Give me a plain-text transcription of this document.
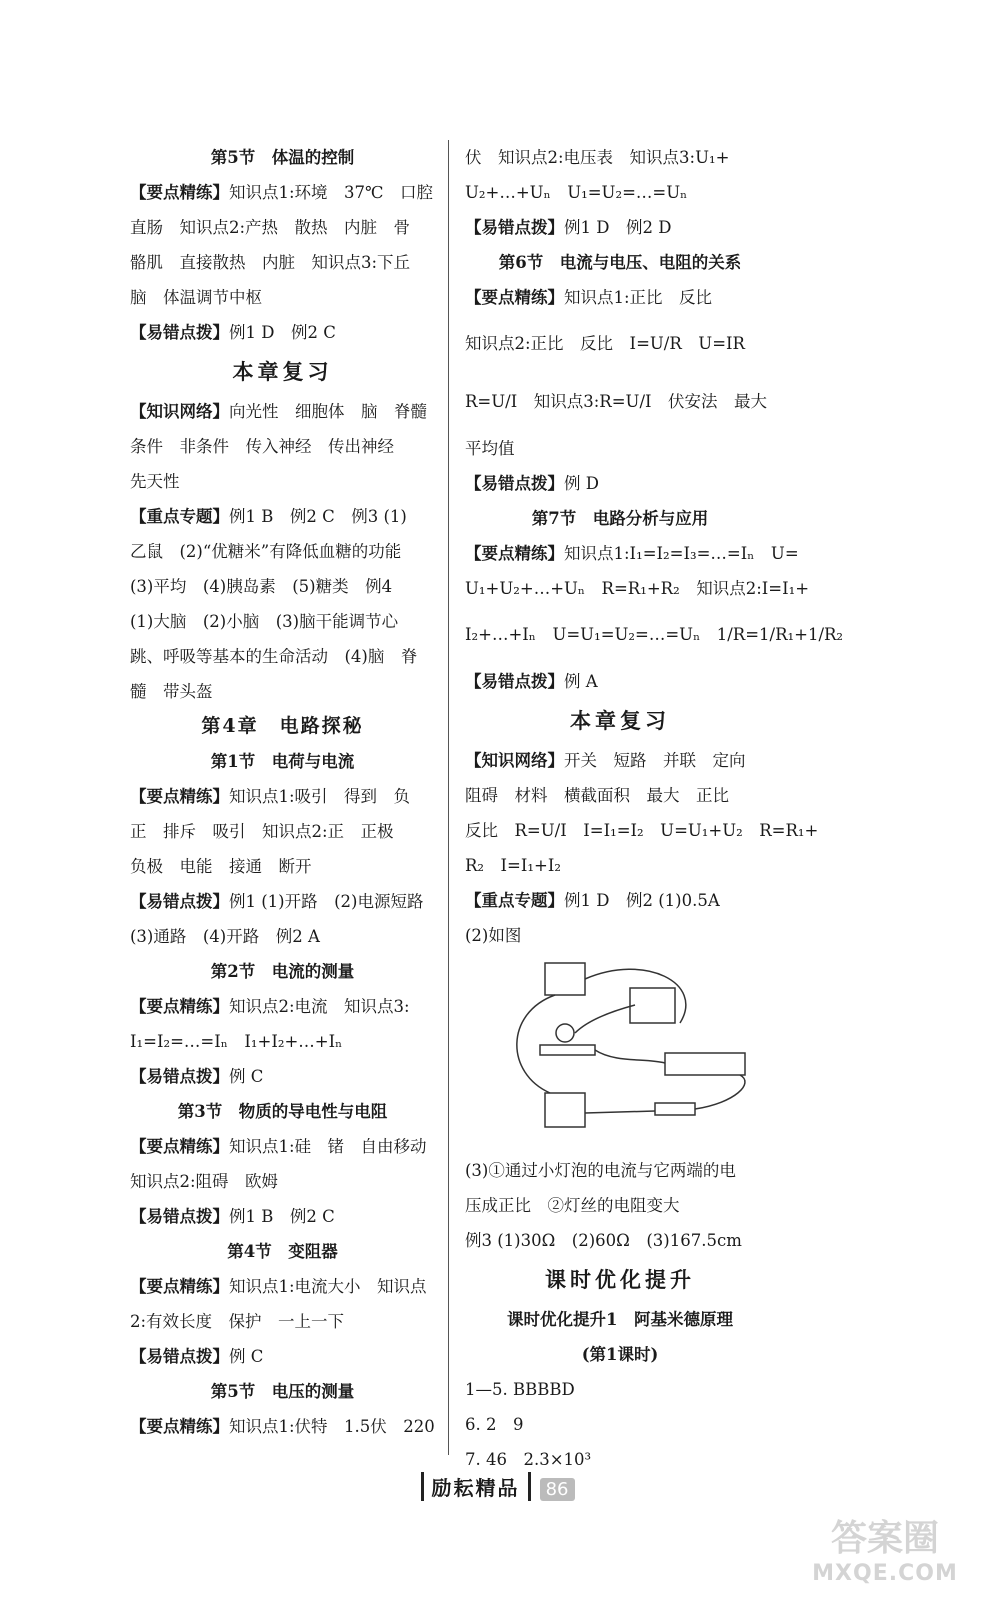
第5节　体温的控制
【要点精练】知识点1:环境　37℃　口腔
直肠　知识点2:产热　散热　内脏　骨
骼肌　直接散热　内脏　知识点3:下丘
脑　体温调节中枢
【易错点拨】例1 D　例2 C
本章复习
【知识网络】向光性　细胞体　脑　脊髓
条件　非条件　传入神经　传出神经
先天性
【重点专题】例1 B　例2 C　例3 (1)
乙鼠　(2)“优糖米”有降低血糖的功能
(3)平均　(4)胰岛素　(5)糖类　例4
(1)大脑　(2)小脑　(3)脑干能调节心
跳、呼吸等基本的生命活动　(4)脑　脊
髓　带头盔
第4章　电路探秘
第1节　电荷与电流
【要点精练】知识点1:吸引　得到　负
正　排斥　吸引　知识点2:正　正极
负极　电能　接通　断开
【易错点拨】例1 (1)开路　(2)电源短路
(3)通路　(4)开路　例2 A
第2节　电流的测量
【要点精练】知识点2:电流　知识点3:
I₁=I₂=…=Iₙ　I₁+I₂+…+Iₙ
【易错点拨】例 C
第3节　物质的导电性与电阻
【要点精练】知识点1:硅　锗　自由移动
知识点2:阻碍　欧姆
【易错点拨】例1 B　例2 C
第4节　变阻器
【要点精练】知识点1:电流大小　知识点
2:有效长度　保护　一上一下
【易错点拨】例 C
第5节　电压的测量
【要点精练】知识点1:伏特　1.5伏　220
伏　知识点2:电压表　知识点3:U₁+
U₂+…+Uₙ　U₁=U₂=…=Uₙ
【易错点拨】例1 D　例2 D
第6节　电流与电压、电阻的关系
【要点精练】知识点1:正比　反比
知识点2:正比　反比　I=U/R　U=IR
R=U/I　知识点3:R=U/I　伏安法　最大
平均值
【易错点拨】例 D
第7节　电路分析与应用
【要点精练】知识点1:I₁=I₂=I₃=…=Iₙ　U=
U₁+U₂+…+Uₙ　R=R₁+R₂　知识点2:I=I₁+
I₂+…+Iₙ　U=U₁=U₂=…=Uₙ　1/R=1/R₁+1/R₂
【易错点拨】例 A
本章复习
【知识网络】开关　短路　并联　定向
阻碍　材料　横截面积　最大　正比
反比　R=U/I　I=I₁=I₂　U=U₁+U₂　R=R₁+
R₂　I=I₁+I₂
【重点专题】例1 D　例2 (1)0.5A
(2)如图
(3)①通过小灯泡的电流与它两端的电
压成正比　②灯丝的电阻变大
例3 (1)30Ω　(2)60Ω　(3)167.5cm
课时优化提升
课时优化提升1　阿基米德原理
(第1课时)
1—5. BBBBD
6. 2　9
7. 46　2.3×10³
励耘精品 86
答案圈
MXQE.COM
